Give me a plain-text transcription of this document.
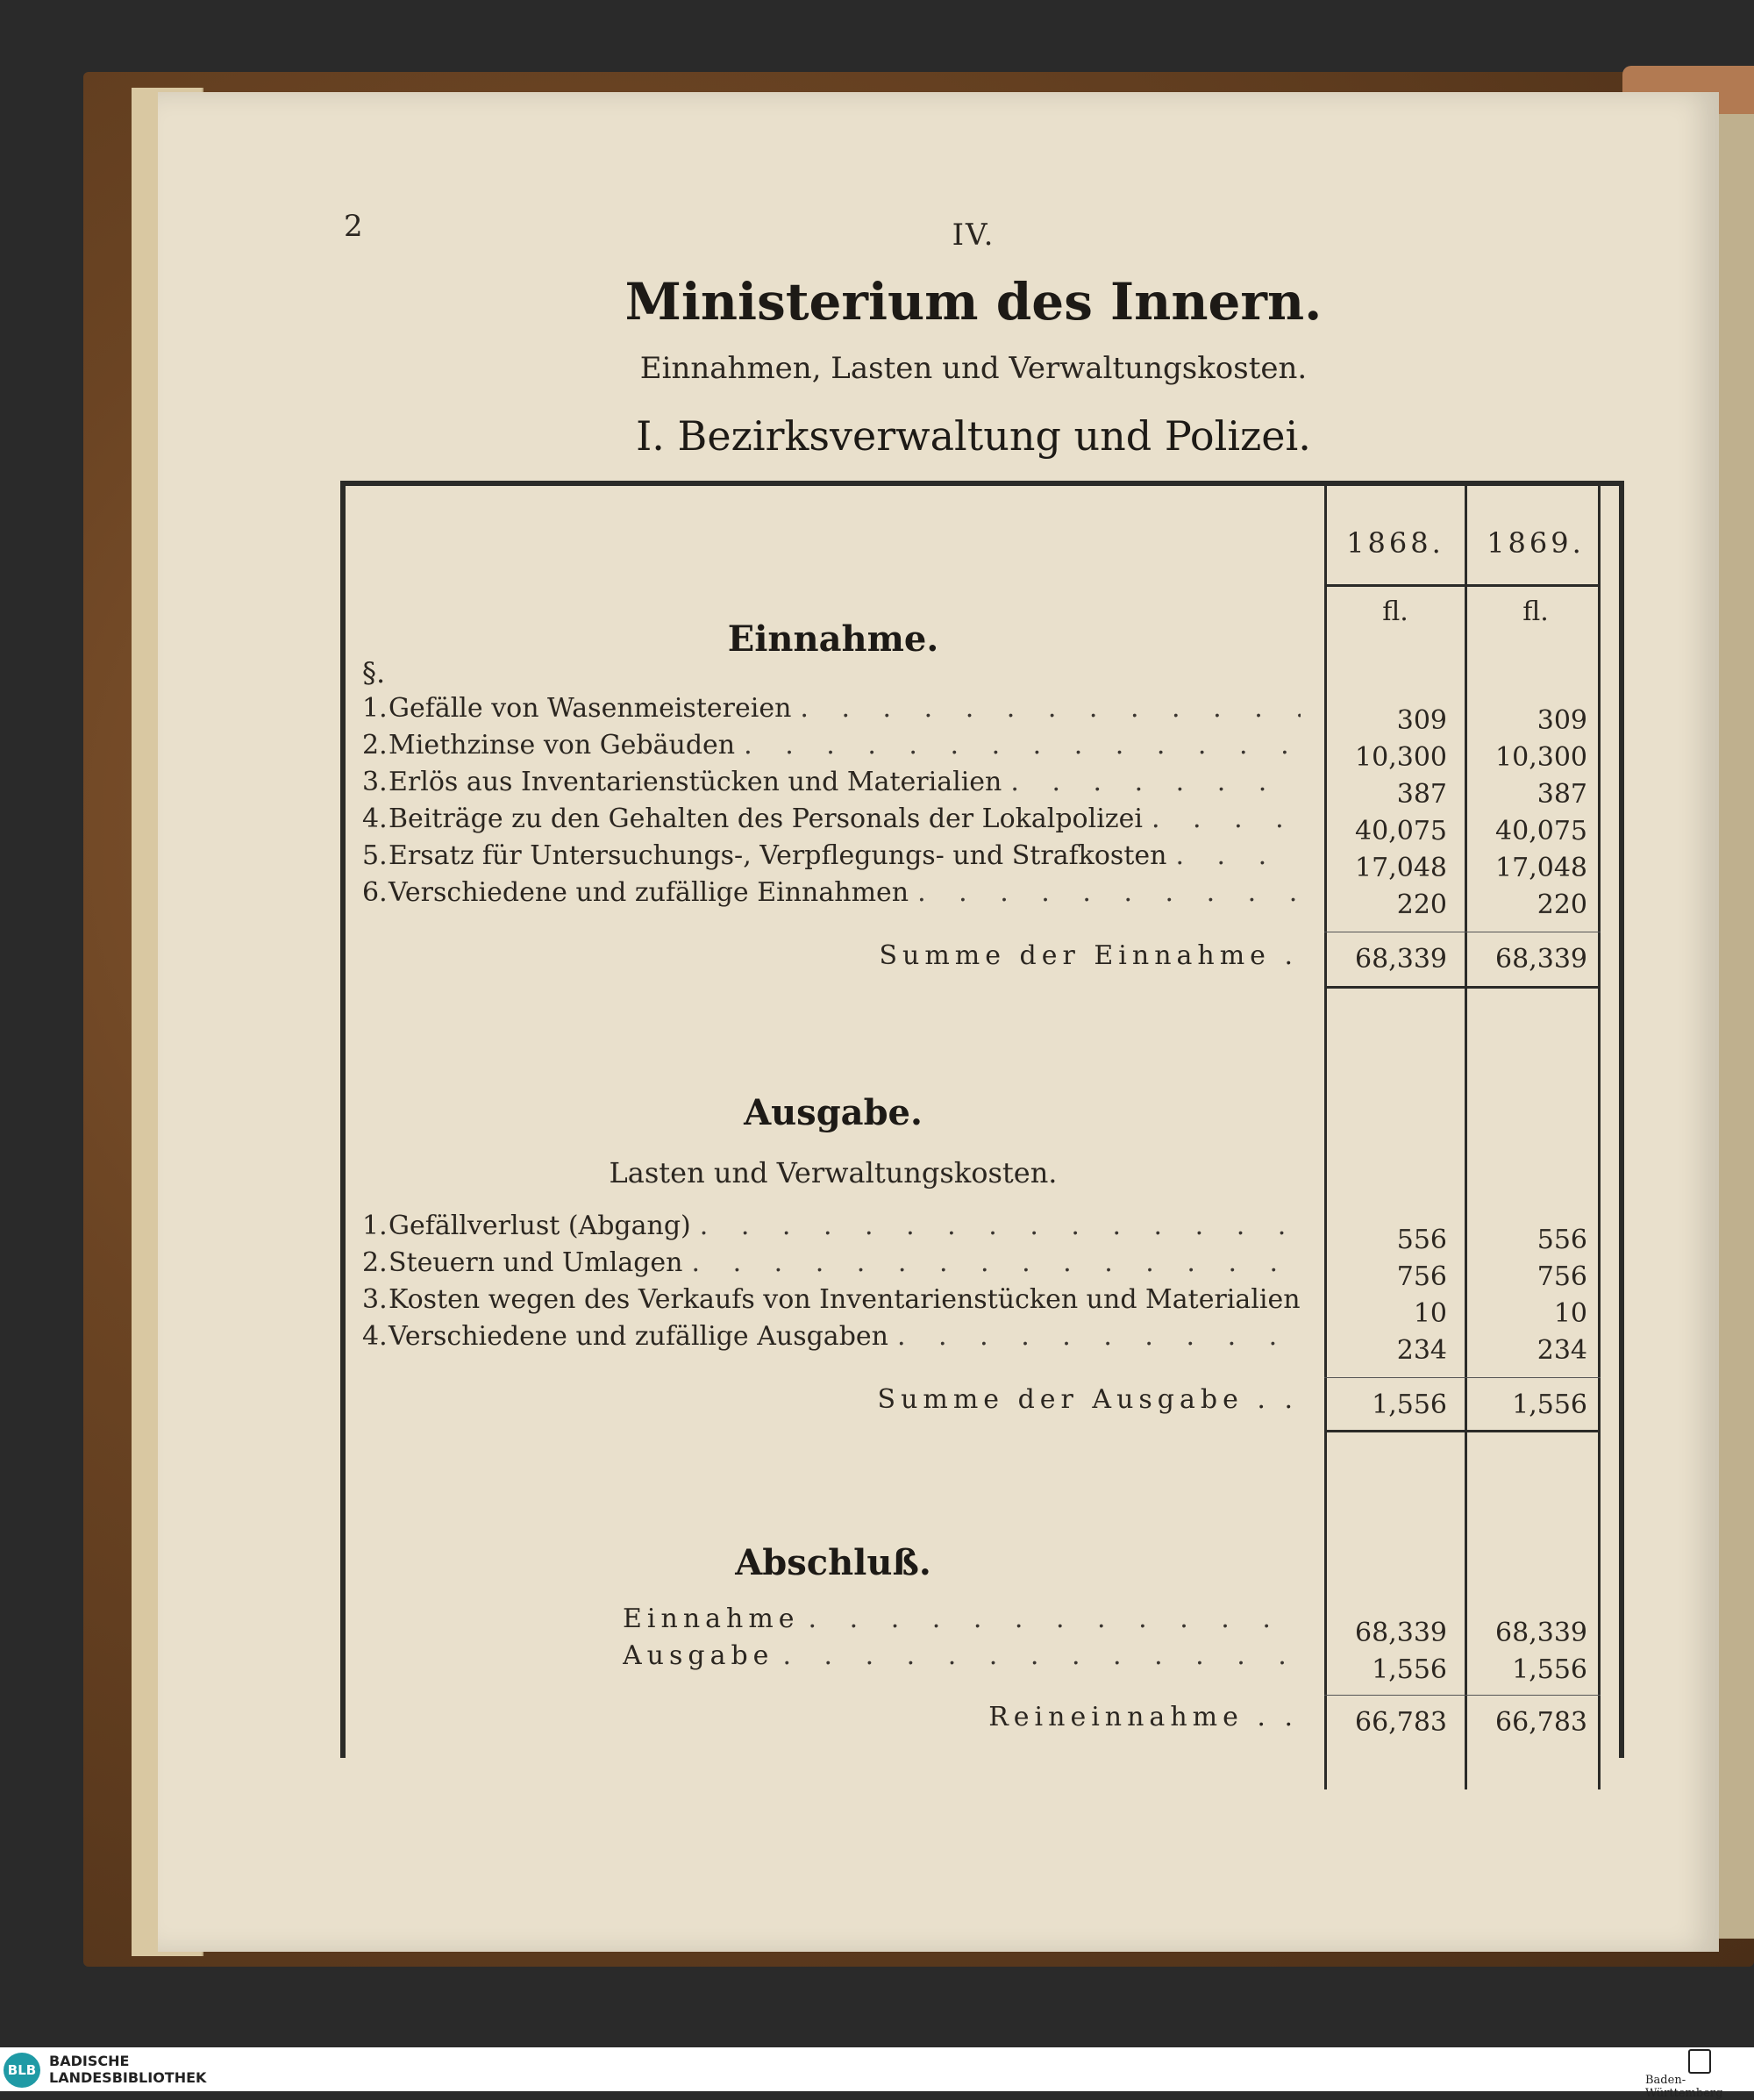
2	IV.
Ministerium des Innern.
Einnahmen, Lasten und Verwaltungskosten.
I. Bezirksverwaltung und Polizei.
1868.	1869.
fl.	fl.
Einnahme.
§.
1. Gefälle von Wasenmeistereien . . .	309	309
2. Miethzinse von Gebäuden . . .	10,300	10,300
3. Erlös aus Inventarienstücken und Materialien . . .	387	387
4. Beiträge zu den Gehalten des Personals der Lokalpolizei . . .	40,075	40,075
5. Ersatz für Untersuchungs-, Verpflegungs- und Strafkosten . . .	17,048	17,048
6. Verschiedene und zufällige Einnahmen . . .	220	220
Summe der Einnahme .	68,339	68,339
Ausgabe.
Lasten und Verwaltungskosten.
1. Gefällverlust (Abgang) . . .	556	556
2. Steuern und Umlagen . . .	756	756
3. Kosten wegen des Verkaufs von Inventarienstücken und Materialien	10	10
4. Verschiedene und zufällige Ausgaben . . .	234	234
Summe der Ausgabe . .	1,556	1,556
Abschluß.
Einnahme . . .	68,339	68,339
Ausgabe . . .	1,556	1,556
Reineinnahme . .	66,783	66,783
BLB
BADISCHE
LANDESBIBLIOTHEK	Baden-Württemberg
